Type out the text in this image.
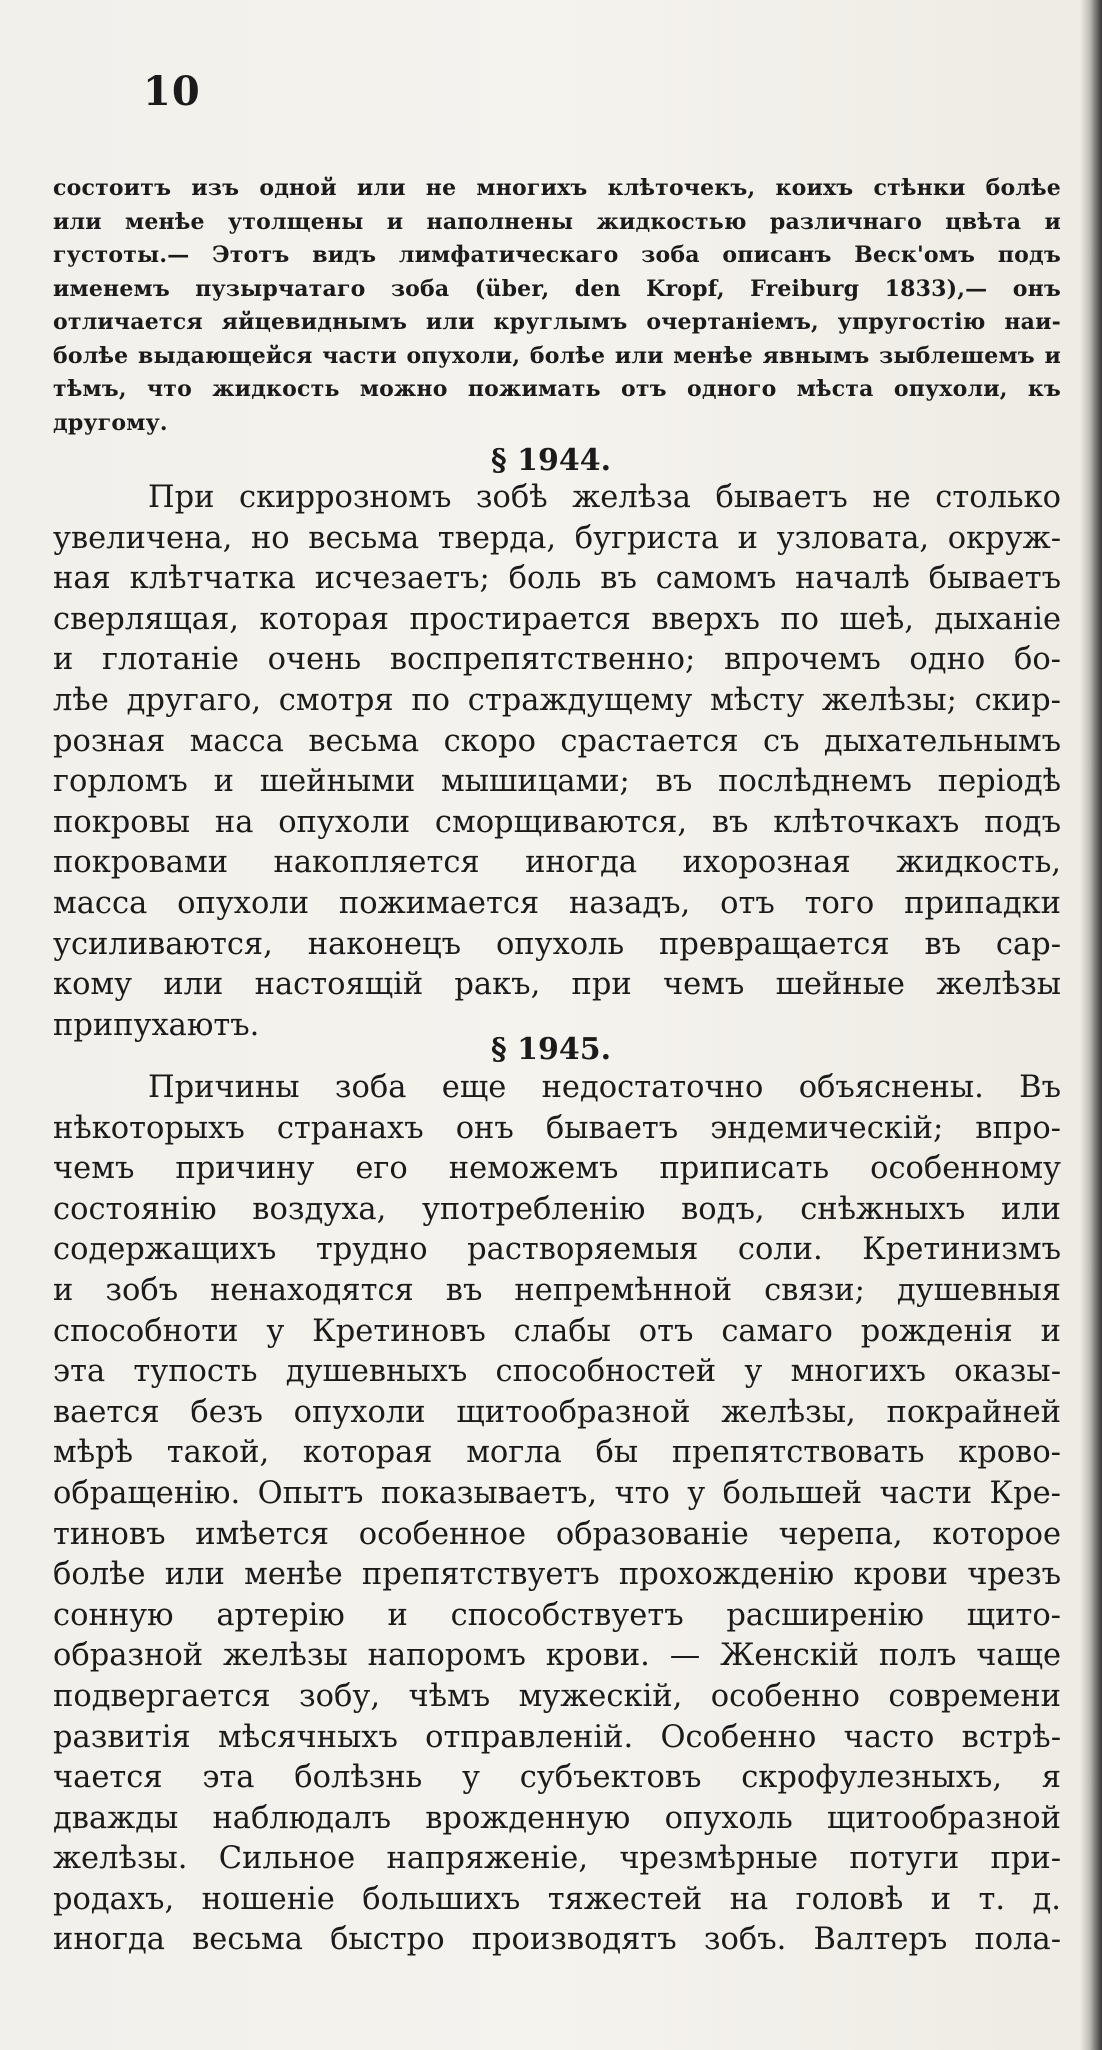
10
состоитъ изъ одной или не многихъ клѣточекъ, коихъ стѣнки болѣе
или менѣе утолщены и наполнены жидкостью различнаго цвѣта и
густоты.— Этотъ видъ лимфатическаго зоба описанъ Веск'омъ подъ
именемъ пузырчатаго зоба (über, den Kropf, Freiburg 1833),— онъ
отличается яйцевиднымъ или круглымъ очертаніемъ, упругостію наи-
болѣе выдающейся части опухоли, болѣе или менѣе явнымъ зыблешемъ и
тѣмъ, что жидкость можно пожимать отъ одного мѣста опухоли, къ
другому.
§ 1944.
При скиррозномъ зобѣ желѣза бываетъ не столько
увеличена, но весьма тверда, бугриста и узловата, окруж-
ная клѣтчатка исчезаетъ; боль въ самомъ началѣ бываетъ
сверлящая, которая простирается вверхъ по шеѣ, дыханіе
и глотаніе очень воспрепятственно; впрочемъ одно бо-
лѣе другаго, смотря по страждущему мѣсту желѣзы; скир-
розная масса весьма скоро срастается съ дыхательнымъ
горломъ и шейными мышицами; въ послѣднемъ періодѣ
покровы на опухоли сморщиваются, въ клѣточкахъ подъ
покровами накопляется иногда ихорозная жидкость,
масса опухоли пожимается назадъ, отъ того припадки
усиливаются, наконецъ опухоль превращается въ сар-
кому или настоящій ракъ, при чемъ шейные желѣзы
припухаютъ.
§ 1945.
Причины зоба еще недостаточно объяснены. Въ
нѣкоторыхъ странахъ онъ бываетъ эндемическій; впро-
чемъ причину его неможемъ приписать особенному
состоянію воздуха, употребленію водъ, снѣжныхъ или
содержащихъ трудно растворяемыя соли. Кретинизмъ
и зобъ ненаходятся въ непремѣнной связи; душевныя
способноти у Кретиновъ слабы отъ самаго рожденія и
эта тупость душевныхъ способностей у многихъ оказы-
вается безъ опухоли щитообразной желѣзы, покрайней
мѣрѣ такой, которая могла бы препятствовать крово-
обращенію. Опытъ показываетъ, что у большей части Кре-
тиновъ имѣется особенное образованіе черепа, которое
болѣе или менѣе препятствуетъ прохожденію крови чрезъ
сонную артерію и способствуетъ расширенію щито-
образной желѣзы напоромъ крови. — Женскій полъ чаще
подвергается зобу, чѣмъ мужескій, особенно современи
развитія мѣсячныхъ отправленій. Особенно часто встрѣ-
чается эта болѣзнь у субъектовъ скрофулезныхъ, я
дважды наблюдалъ врожденную опухоль щитообразной
желѣзы. Сильное напряженіе, чрезмѣрные потуги при-
родахъ, ношеніе большихъ тяжестей на головѣ и т. д.
иногда весьма быстро производятъ зобъ. Валтеръ пола-
